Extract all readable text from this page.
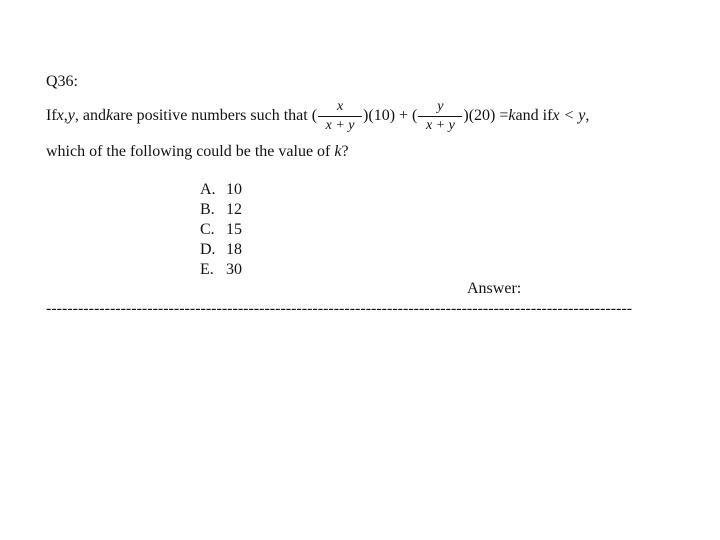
Q36:
If x , y , and k are positive numbers such that ( $\frac{x}{x + y} )(10)$ + ( $\frac{y}{x + y} )(20) = k$ and if x < y ,
which of the following could be the value of k?
A. 10
B. 12
C. 15
D. 18
E. 30
Answer:
--------------------------------------------------------------------------------------------------------------
